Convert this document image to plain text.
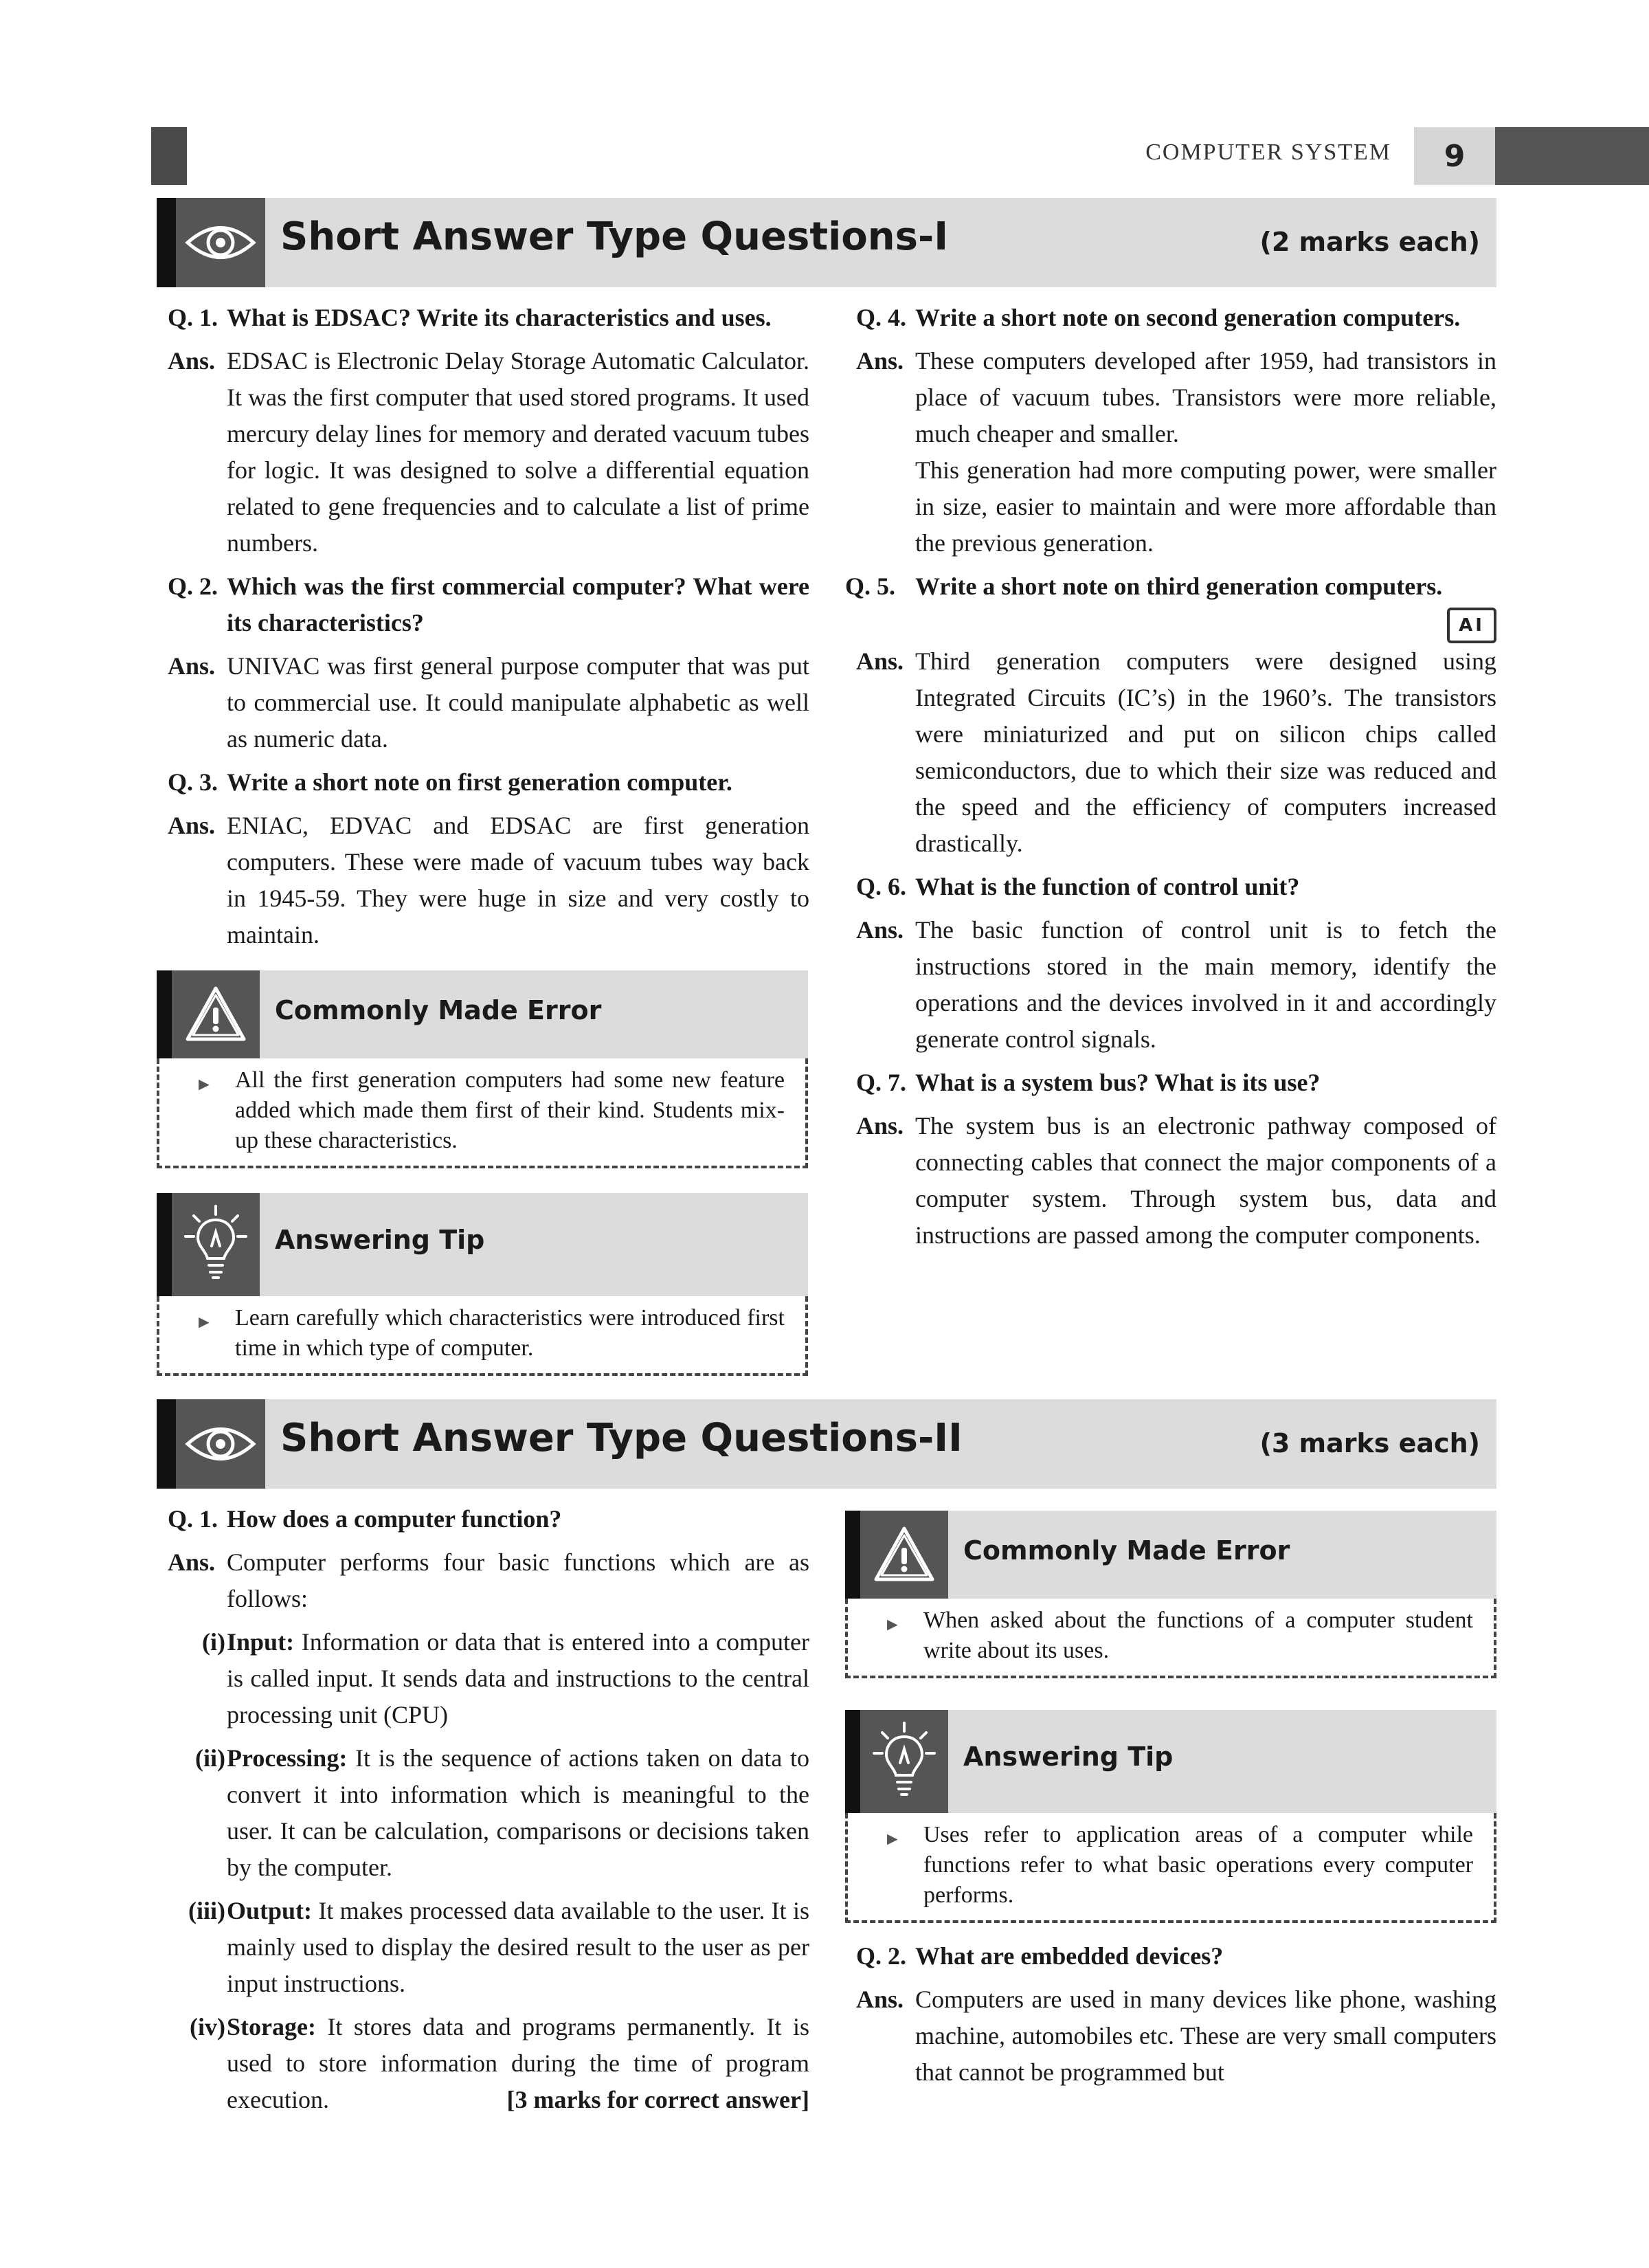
COMPUTER SYSTEM	9
Short Answer Type Questions-I	(2 marks each)
Q. 1. What is EDSAC? Write its characteristics and uses.
Ans. EDSAC is Electronic Delay Storage Automatic Calculator. It was the first computer that used stored programs. It used mercury delay lines for memory and derated vacuum tubes for logic. It was designed to solve a differential equation related to gene frequencies and to calculate a list of prime numbers.
Q. 2. Which was the first commercial computer? What were its characteristics?
Ans. UNIVAC was first general purpose computer that was put to commercial use. It could manipulate alphabetic as well as numeric data.
Q. 3. Write a short note on first generation computer.
Ans. ENIAC, EDVAC and EDSAC are first generation computers. These were made of vacuum tubes way back in 1945-59. They were huge in size and very costly to maintain.
Commonly Made Error
► All the first generation computers had some new feature added which made them first of their kind. Students mix-up these characteristics.
Answering Tip
► Learn carefully which characteristics were introduced first time in which type of computer.
Q. 4. Write a short note on second generation computers.
Ans. These computers developed after 1959, had transistors in place of vacuum tubes. Transistors were more reliable, much cheaper and smaller.
This generation had more computing power, were smaller in size, easier to maintain and were more affordable than the previous generation.
Q. 5. Write a short note on third generation computers.
AI
Ans. Third generation computers were designed using Integrated Circuits (IC’s) in the 1960’s. The transistors were miniaturized and put on silicon chips called semiconductors, due to which their size was reduced and the speed and the efficiency of computers increased drastically.
Q. 6. What is the function of control unit?
Ans. The basic function of control unit is to fetch the instructions stored in the main memory, identify the operations and the devices involved in it and accordingly generate control signals.
Q. 7. What is a system bus? What is its use?
Ans. The system bus is an electronic pathway composed of connecting cables that connect the major components of a computer system. Through system bus, data and instructions are passed among the computer components.
Short Answer Type Questions-II	(3 marks each)
Q. 1. How does a computer function?
Ans. Computer performs four basic functions which are as follows:
(i) Input: Information or data that is entered into a computer is called input. It sends data and instructions to the central processing unit (CPU)
(ii) Processing: It is the sequence of actions taken on data to convert it into information which is meaningful to the user. It can be calculation, comparisons or decisions taken by the computer.
(iii) Output: It makes processed data available to the user. It is mainly used to display the desired result to the user as per input instructions.
(iv) Storage: It stores data and programs permanently. It is used to store information during the time of program execution.	[3 marks for correct answer]
Commonly Made Error
► When asked about the functions of a computer student write about its uses.
Answering Tip
► Uses refer to application areas of a computer while functions refer to what basic operations every computer performs.
Q. 2. What are embedded devices?
Ans. Computers are used in many devices like phone, washing machine, automobiles etc. These are very small computers that cannot be programmed but
